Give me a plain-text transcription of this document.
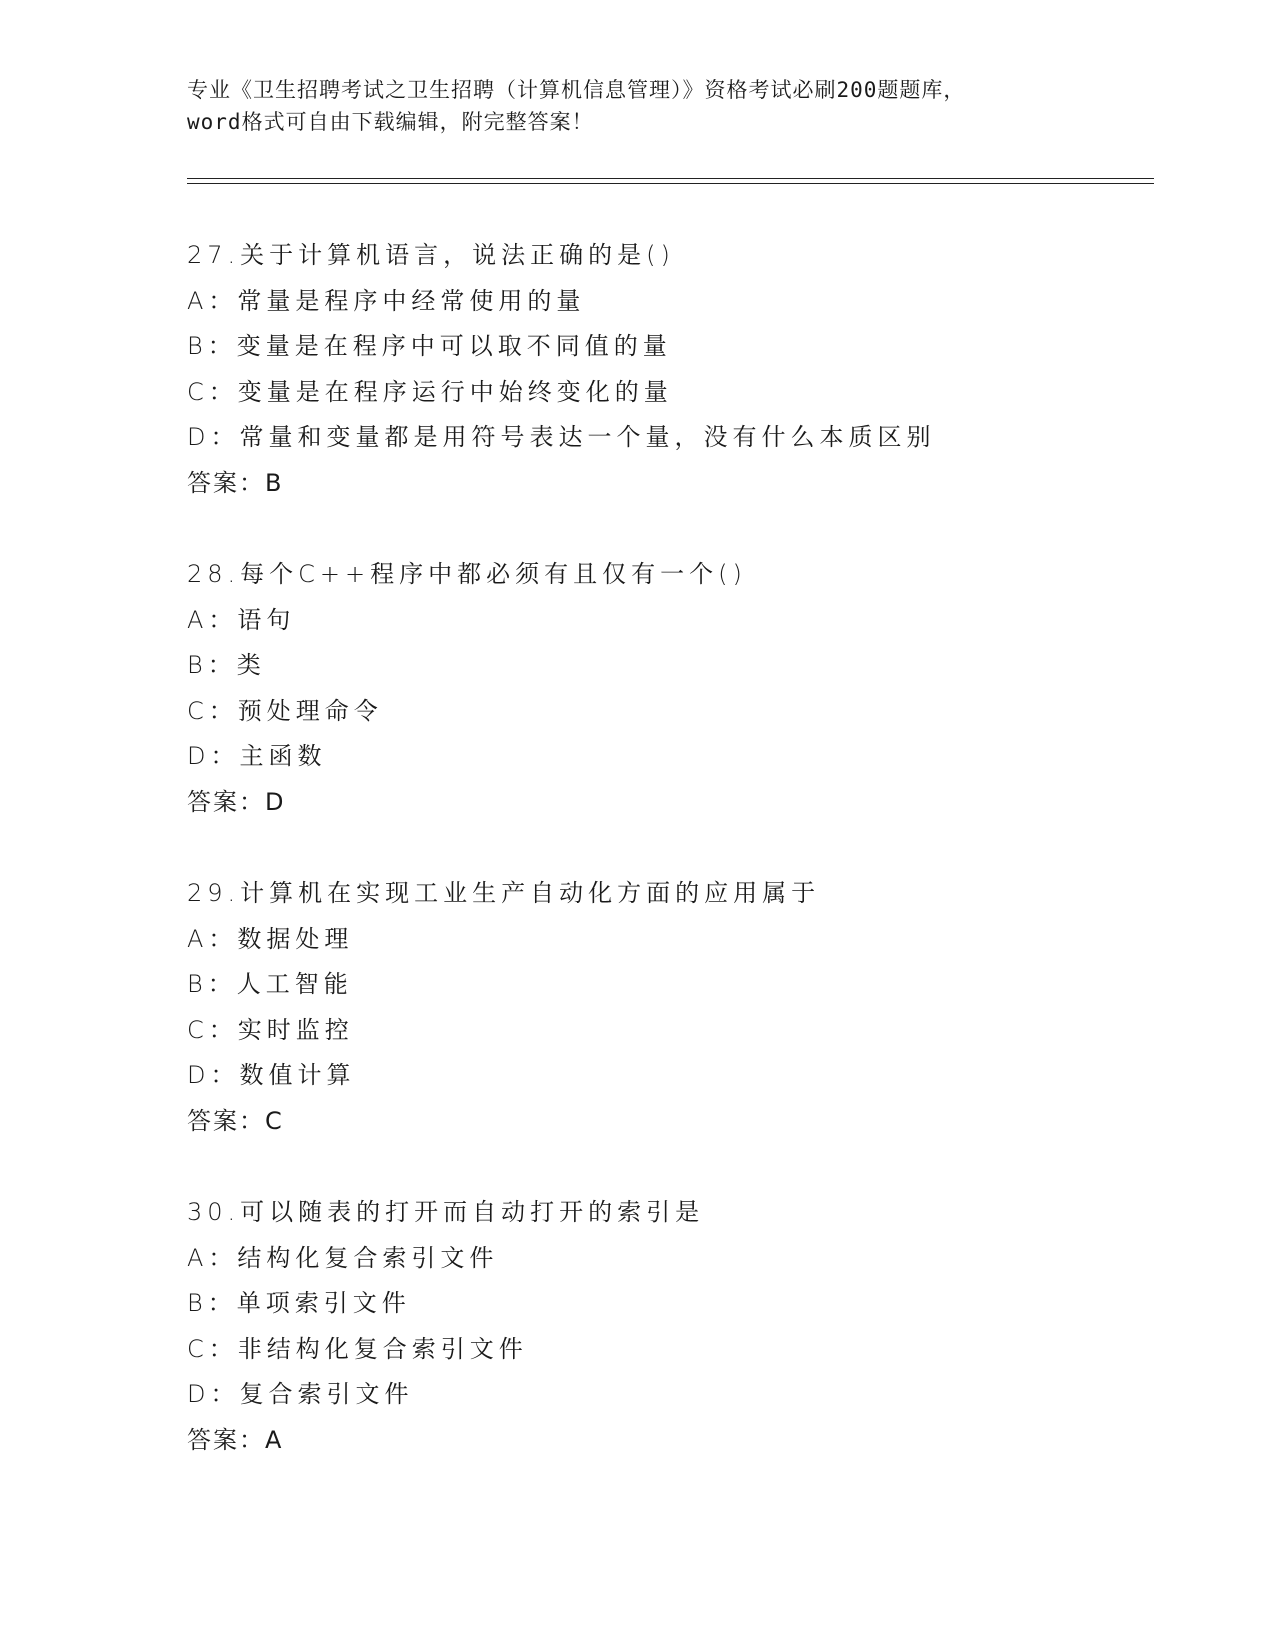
专业《卫生招聘考试之卫生招聘（计算机信息管理）》资格考试必刷200题题库，
word格式可自由下载编辑，附完整答案！
27.关于计算机语言，说法正确的是()
A：常量是程序中经常使用的量
B：变量是在程序中可以取不同值的量
C：变量是在程序运行中始终变化的量
D：常量和变量都是用符号表达一个量，没有什么本质区别
答案：B
28.每个C++程序中都必须有且仅有一个()
A：语句
B：类
C：预处理命令
D：主函数
答案：D
29.计算机在实现工业生产自动化方面的应用属于
A：数据处理
B：人工智能
C：实时监控
D：数值计算
答案：C
30.可以随表的打开而自动打开的索引是
A：结构化复合索引文件
B：单项索引文件
C：非结构化复合索引文件
D：复合索引文件
答案：A
